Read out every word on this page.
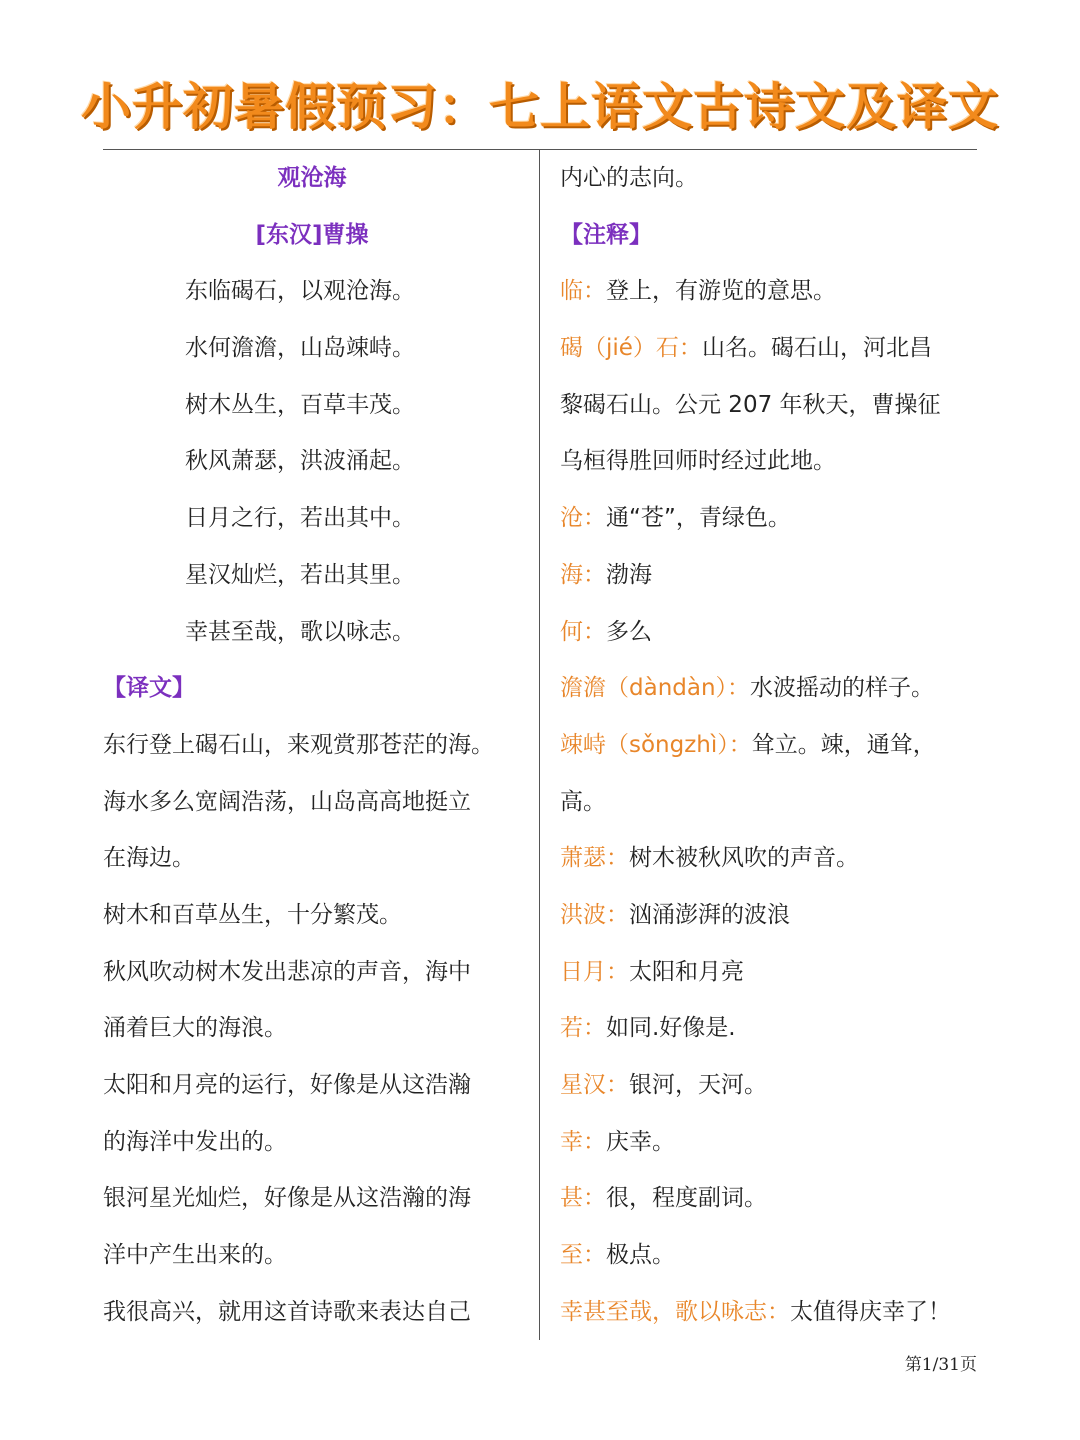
小升初暑假预习：七上语文古诗文及译文
观沧海
[东汉]曹操
东临碣石，以观沧海。
水何澹澹，山岛竦峙。
树木丛生，百草丰茂。
秋风萧瑟，洪波涌起。
日月之行，若出其中。
星汉灿烂，若出其里。
幸甚至哉，歌以咏志。
【译文】
东行登上碣石山，来观赏那苍茫的海。
海水多么宽阔浩荡，山岛高高地挺立
在海边。
树木和百草丛生，十分繁茂。
秋风吹动树木发出悲凉的声音，海中
涌着巨大的海浪。
太阳和月亮的运行，好像是从这浩瀚
的海洋中发出的。
银河星光灿烂，好像是从这浩瀚的海
洋中产生出来的。
我很高兴，就用这首诗歌来表达自己
内心的志向。
【注释】
临：登上，有游览的意思。
碣（jié）石：山名。碣石山，河北昌
黎碣石山。公元 207 年秋天，曹操征
乌桓得胜回师时经过此地。
沧：通“苍”，青绿色。
海：渤海
何：多么
澹澹（dàndàn）：水波摇动的样子。
竦峙（sǒngzhì）：耸立。竦，通耸，
高。
萧瑟：树木被秋风吹的声音。
洪波：汹涌澎湃的波浪
日月：太阳和月亮
若：如同.好像是.
星汉：银河，天河。
幸：庆幸。
甚：很，程度副词。
至：极点。
幸甚至哉，歌以咏志：太值得庆幸了！
第1/31页
